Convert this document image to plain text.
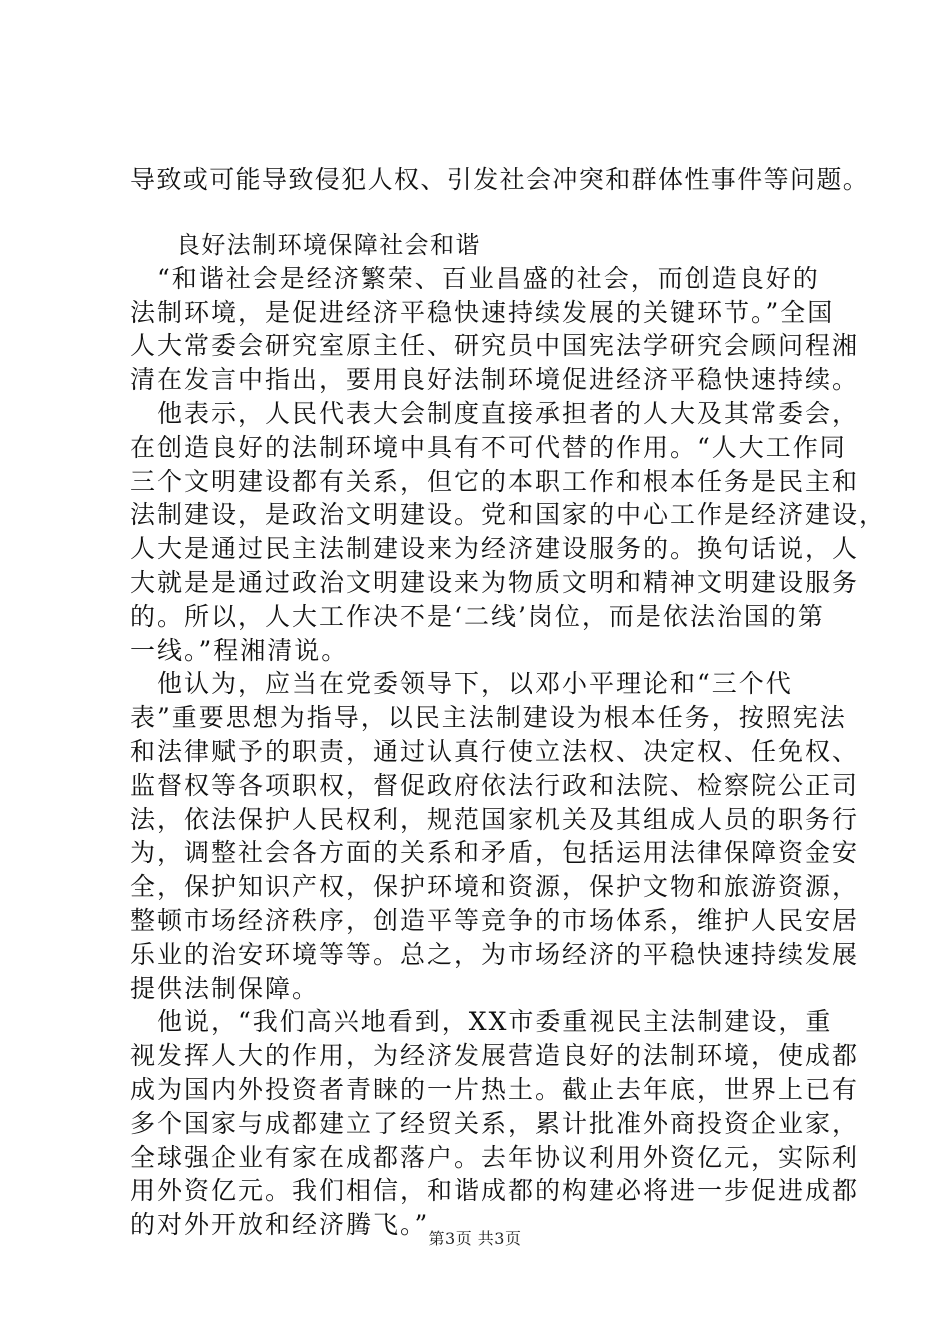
导致或可能导致侵犯人权、引发社会冲突和群体性事件等问题。
良好法制环境保障社会和谐
　“和谐社会是经济繁荣、百业昌盛的社会，而创造良好的
法制环境，是促进经济平稳快速持续发展的关键环节。”全国
人大常委会研究室原主任、研究员中国宪法学研究会顾问程湘
清在发言中指出，要用良好法制环境促进经济平稳快速持续。
　他表示，人民代表大会制度直接承担者的人大及其常委会，
在创造良好的法制环境中具有不可代替的作用。“人大工作同
三个文明建设都有关系，但它的本职工作和根本任务是民主和
法制建设，是政治文明建设。党和国家的中心工作是经济建设，
人大是通过民主法制建设来为经济建设服务的。换句话说，人
大就是是通过政治文明建设来为物质文明和精神文明建设服务
的。所以，人大工作决不是‘二线’岗位，而是依法治国的第
一线。”程湘清说。
　他认为，应当在党委领导下，以邓小平理论和“三个代
表”重要思想为指导，以民主法制建设为根本任务，按照宪法
和法律赋予的职责，通过认真行使立法权、决定权、任免权、
监督权等各项职权，督促政府依法行政和法院、检察院公正司
法，依法保护人民权利，规范国家机关及其组成人员的职务行
为，调整社会各方面的关系和矛盾，包括运用法律保障资金安
全，保护知识产权，保护环境和资源，保护文物和旅游资源，
整顿市场经济秩序，创造平等竞争的市场体系，维护人民安居
乐业的治安环境等等。总之，为市场经济的平稳快速持续发展
提供法制保障。
　他说，“我们高兴地看到，XX市委重视民主法制建设，重
视发挥人大的作用，为经济发展营造良好的法制环境，使成都
成为国内外投资者青睐的一片热土。截止去年底，世界上已有
多个国家与成都建立了经贸关系，累计批准外商投资企业家，
全球强企业有家在成都落户。去年协议利用外资亿元，实际利
用外资亿元。我们相信，和谐成都的构建必将进一步促进成都
的对外开放和经济腾飞。” 第3页 共3页
